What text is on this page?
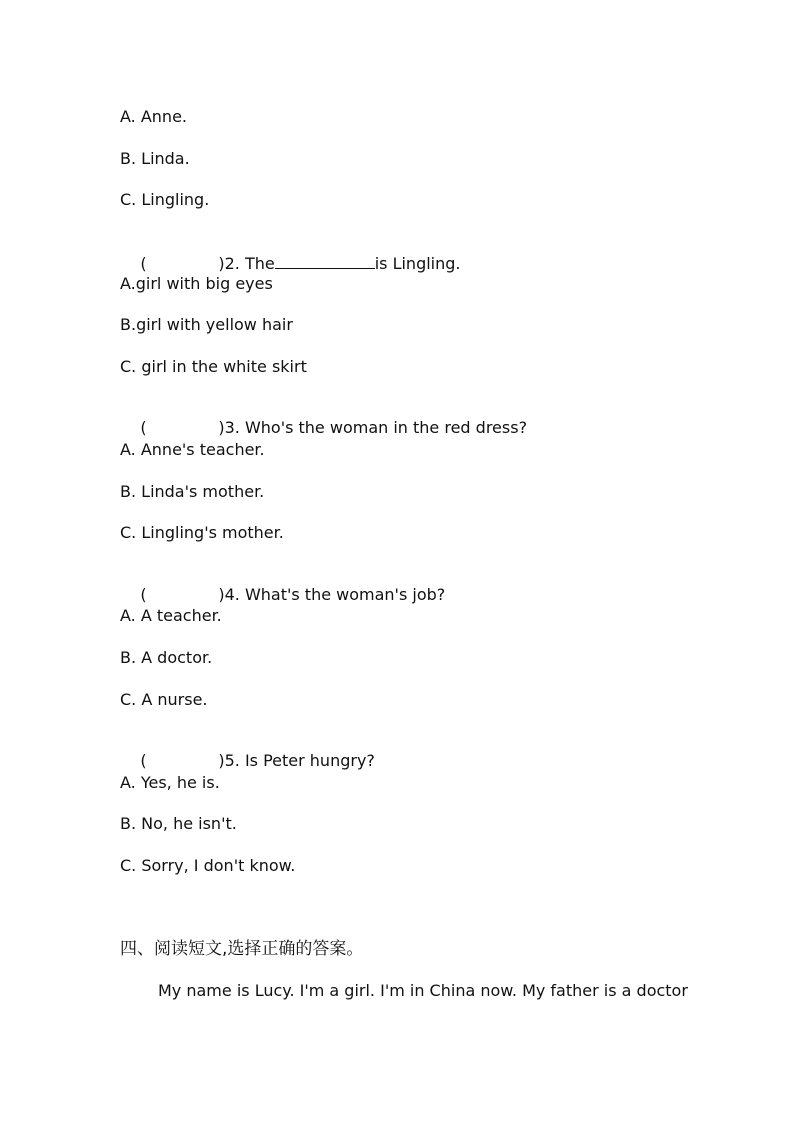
A. Anne.
B. Linda.
C. Lingling.

(	)2. The	is Lingling.

A.girl with big eyes
B.girl with yellow hair
C. girl in the white skirt

(	)3. Who's the woman in the red dress?

A. Anne's teacher.
B. Linda's mother.
C. Lingling's mother.

(	)4. What's the woman's job?

A. A teacher.
B. A doctor.
C. A nurse.

(	)5. Is Peter hungry?

A. Yes, he is.
B. No, he isn't.
C. Sorry, I don't know.
四、阅读短文,选择正确的答案。
My name is Lucy. I'm a girl. I'm in China now. My father is a doctor
